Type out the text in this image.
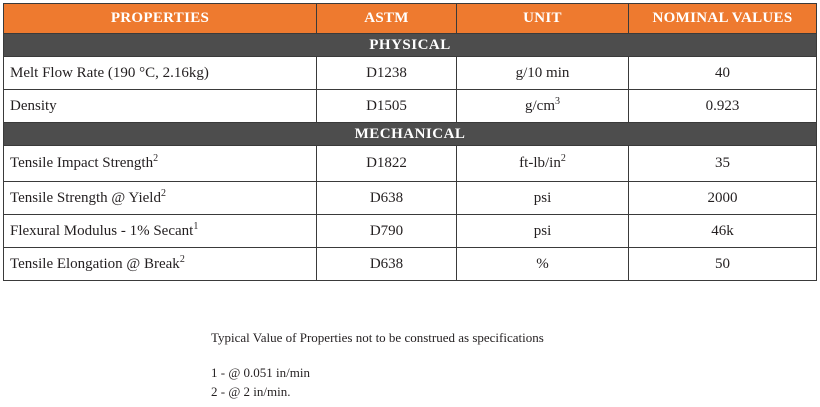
PROPERTIES	ASTM	UNIT	NOMINAL VALUES
PHYSICAL			
Melt Flow Rate (190 °C, 2.16kg)	D1238	g/10 min	40
Density	D1505	$g/cm^3$	0.923
MECHANICAL			
Tensile Impact Strength$^2$	D1822	$ft-lb/in^2$	35
Tensile Strength @ Yield$^2$	D638	psi	2000
Flexural Modulus - 1% Secant$^1$	D790	psi	46k
Tensile Elongation @ Break$^2$	D638	%	50
Typical Value of Properties not to be construed as specifications
1 - @ 0.051 in/min
2 - @ 2 in/min.
